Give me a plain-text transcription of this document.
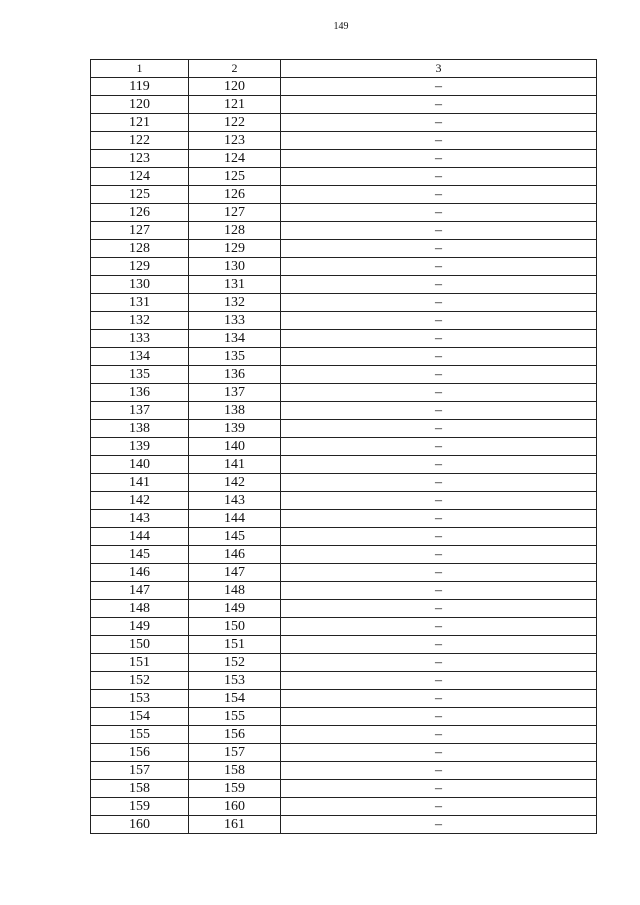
149
1	2	3
119	120	–
120	121	–
121	122	–
122	123	–
123	124	–
124	125	–
125	126	–
126	127	–
127	128	–
128	129	–
129	130	–
130	131	–
131	132	–
132	133	–
133	134	–
134	135	–
135	136	–
136	137	–
137	138	–
138	139	–
139	140	–
140	141	–
141	142	–
142	143	–
143	144	–
144	145	–
145	146	–
146	147	–
147	148	–
148	149	–
149	150	–
150	151	–
151	152	–
152	153	–
153	154	–
154	155	–
155	156	–
156	157	–
157	158	–
158	159	–
159	160	–
160	161	–
